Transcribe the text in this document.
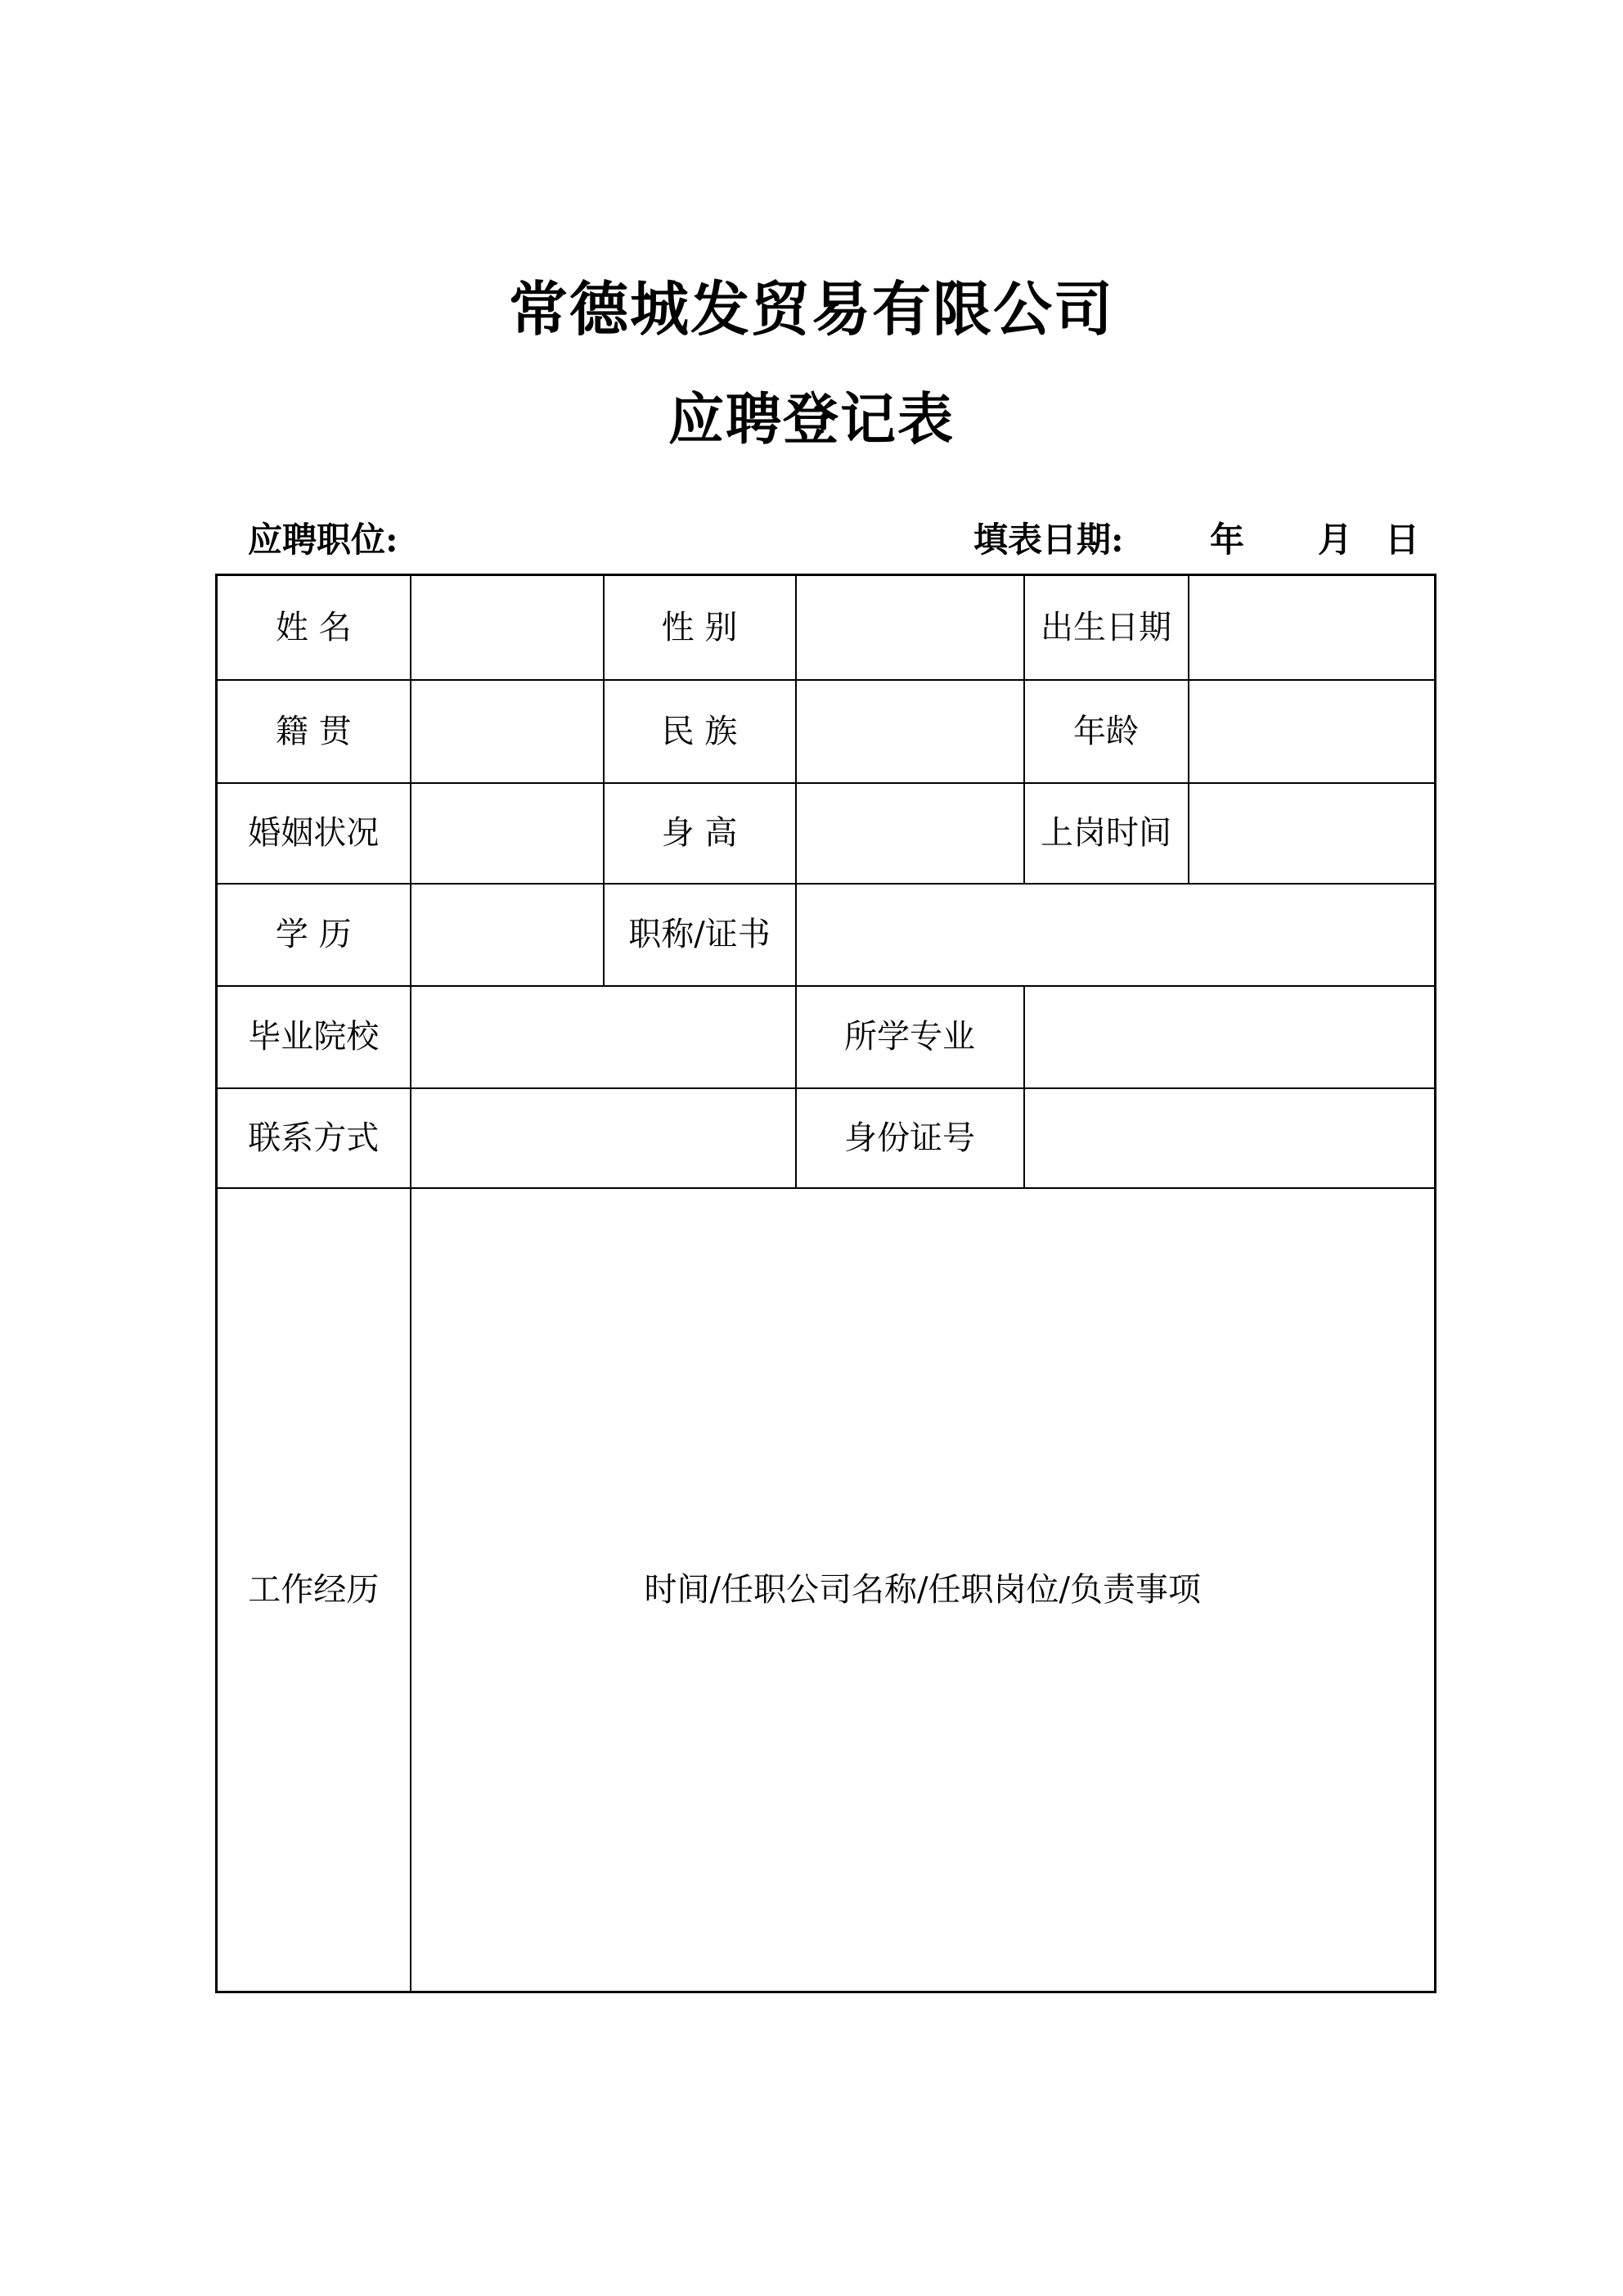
常德城发贸易有限公司
应聘登记表
应聘职位:	填表日期:	年 月 日
姓 名		性 别		出生日期	
籍 贯		民 族		年龄	
婚姻状况		身 高		上岗时间	
学 历		职称/证书			
毕业院校			所学专业		
联系方式			身份证号		
工作经历	时间/任职公司名称/任职岗位/负责事项				
